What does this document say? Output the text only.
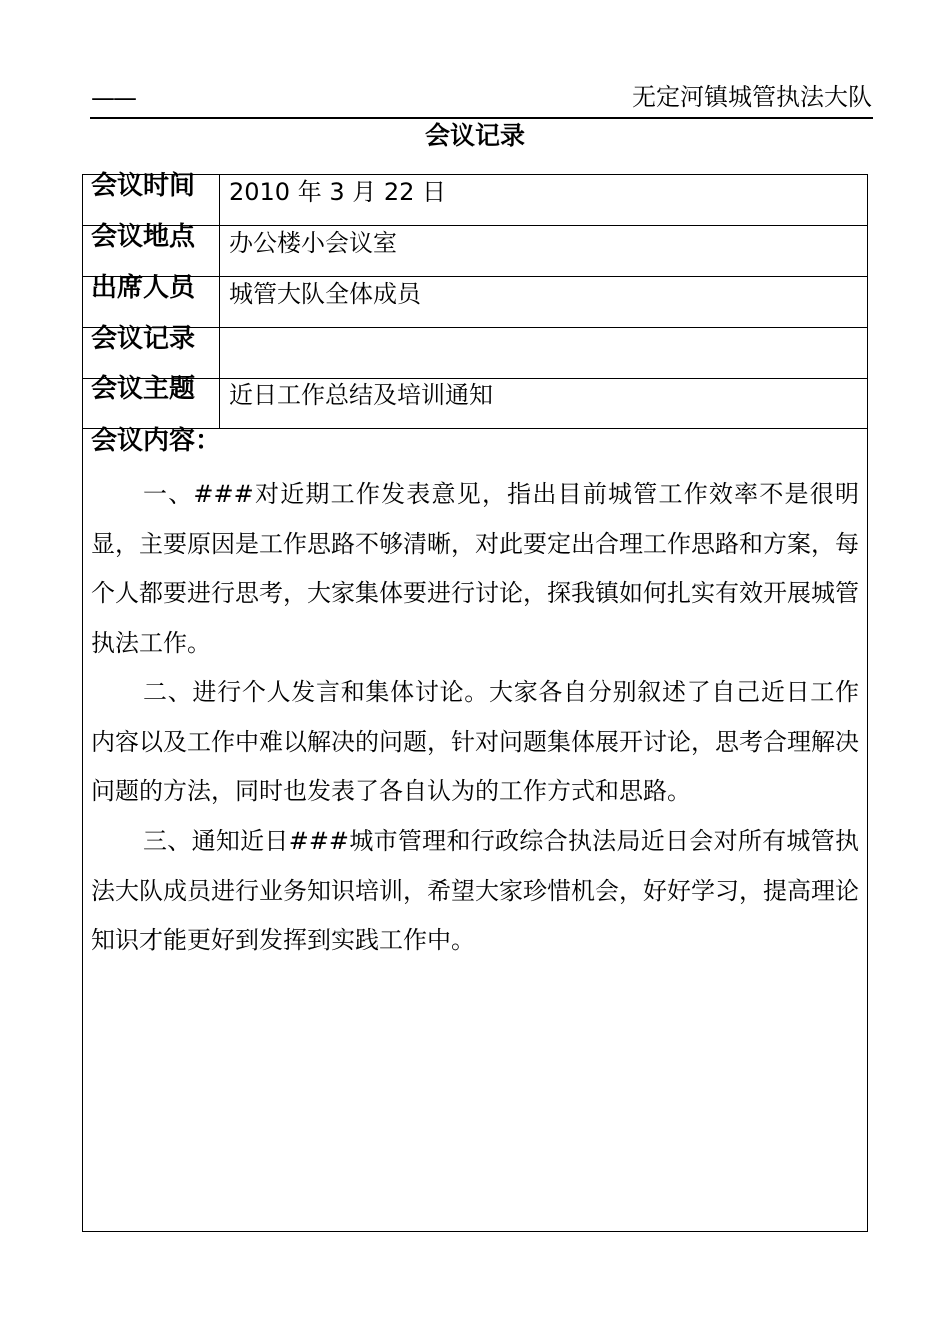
——	无定河镇城管执法大队
会议记录
会议时间 2010 年 3 月 22 日
会议地点 办公楼小会议室
出席人员 城管大队全体成员
会议记录
会议主题 近日工作总结及培训通知
会议内容：

一、###对近期工作发表意见，指出目前城管工作效率不是很明显，主要原因是工作思路不够清晰，对此要定出合理工作思路和方案，每个人都要进行思考，大家集体要进行讨论，探我镇如何扎实有效开展城管执法工作。

二、进行个人发言和集体讨论。大家各自分别叙述了自己近日工作内容以及工作中难以解决的问题，针对问题集体展开讨论，思考合理解决问题的方法，同时也发表了各自认为的工作方式和思路。

三、通知近日###城市管理和行政综合执法局近日会对所有城管执法大队成员进行业务知识培训，希望大家珍惜机会，好好学习，提高理论知识才能更好到发挥到实践工作中。
